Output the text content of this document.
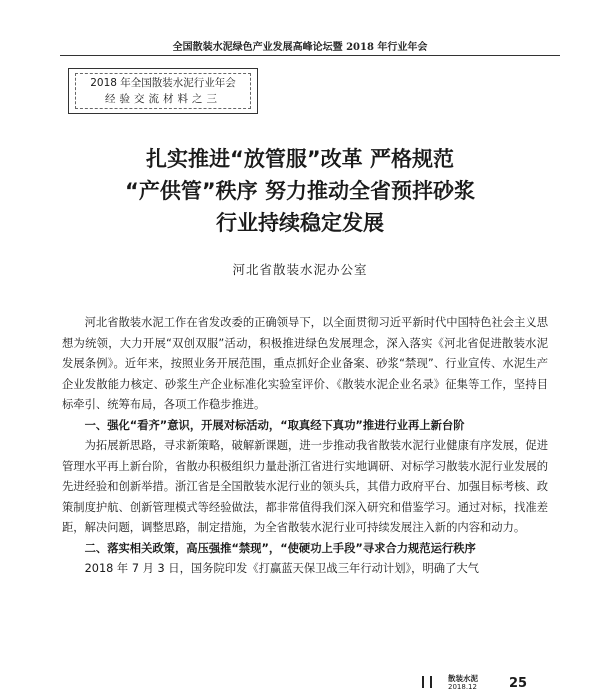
全国散装水泥绿色产业发展高峰论坛暨 2018 年行业年会
2018 年全国散装水泥行业年会
经验交流材料之三
扎实推进“放管服”改革 严格规范
“产供管”秩序 努力推动全省预拌砂浆
行业持续稳定发展
河北省散装水泥办公室

河北省散装水泥工作在省发改委的正确领导下，以全面贯彻习近平新时代中国特色社会主义思想为统领，大力开展“双创双服”活动，积极推进绿色发展理念，深入落实《河北省促进散装水泥发展条例》。近年来，按照业务开展范围，重点抓好企业备案、砂浆“禁现”、行业宣传、水泥生产企业发散能力核定、砂浆生产企业标准化实验室评价、《散装水泥企业名录》征集等工作，坚持目标牵引、统筹布局，各项工作稳步推进。

一、强化“看齐”意识，开展对标活动，“取真经下真功”推进行业再上新台阶

为拓展新思路，寻求新策略，破解新课题，进一步推动我省散装水泥行业健康有序发展，促进管理水平再上新台阶，省散办积极组织力量赴浙江省进行实地调研、对标学习散装水泥行业发展的先进经验和创新举措。浙江省是全国散装水泥行业的领头兵，其借力政府平台、加强目标考核、政策制度护航、创新管理模式等经验做法，都非常值得我们深入研究和借鉴学习。通过对标，找准差距，解决问题，调整思路，制定措施，为全省散装水泥行业可持续发展注入新的内容和动力。

二、落实相关政策，高压强推“禁现”，“使硬功上手段”寻求合力规范运行秩序

2018 年 7 月 3 日，国务院印发《打赢蓝天保卫战三年行动计划》，明确了大气

散装水泥
2018.12 25
